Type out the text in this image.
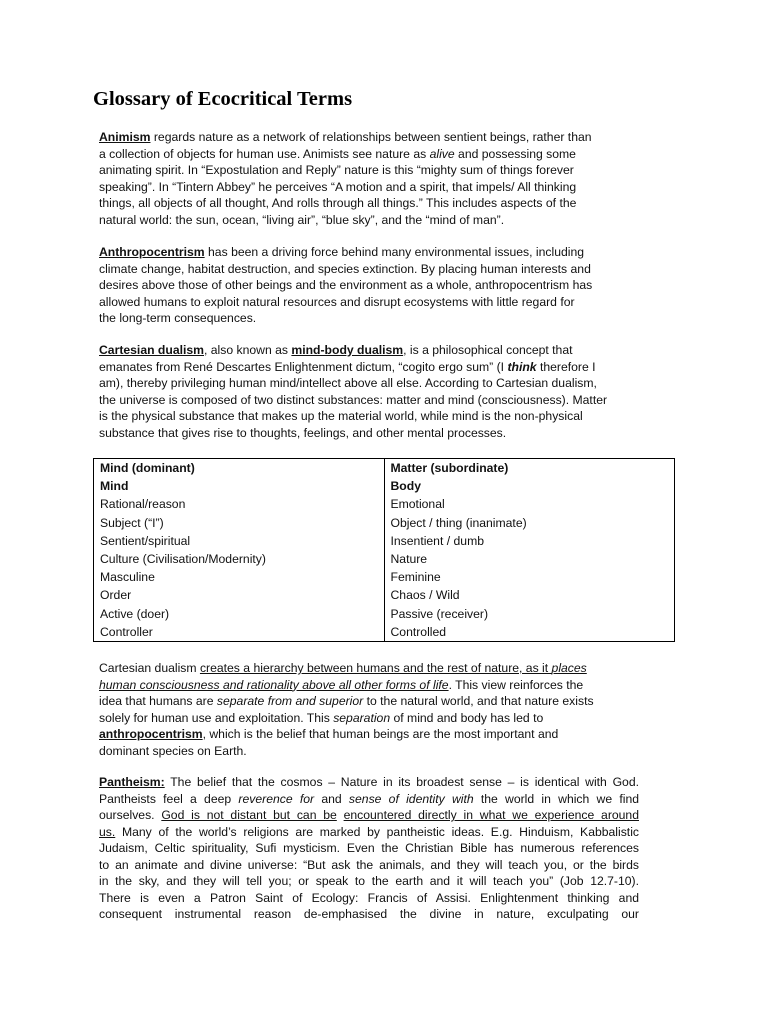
Glossary of Ecocritical Terms
Animism regards nature as a network of relationships between sentient beings, rather than
a collection of objects for human use. Animists see nature as alive and possessing some
animating spirit. In “Expostulation and Reply” nature is this “mighty sum of things forever
speaking”. In “Tintern Abbey” he perceives “A motion and a spirit, that impels/ All thinking
things, all objects of all thought, And rolls through all things.” This includes aspects of the
natural world: the sun, ocean, “living air”, “blue sky”, and the “mind of man”.
Anthropocentrism has been a driving force behind many environmental issues, including
climate change, habitat destruction, and species extinction. By placing human interests and
desires above those of other beings and the environment as a whole, anthropocentrism has
allowed humans to exploit natural resources and disrupt ecosystems with little regard for
the long-term consequences.
Cartesian dualism, also known as mind-body dualism, is a philosophical concept that
emanates from René Descartes Enlightenment dictum, “cogito ergo sum” (I think therefore I
am), thereby privileging human mind/intellect above all else. According to Cartesian dualism,
the universe is composed of two distinct substances: matter and mind (consciousness). Matter
is the physical substance that makes up the material world, while mind is the non-physical
substance that gives rise to thoughts, feelings, and other mental processes.
Mind (dominant)	Matter (subordinate)
Mind	Body
Rational/reason	Emotional
Subject (“I”)	Object / thing (inanimate)
Sentient/spiritual	Insentient / dumb
Culture (Civilisation/Modernity)	Nature
Masculine	Feminine
Order	Chaos / Wild
Active (doer)	Passive (receiver)
Controller	Controlled
Cartesian dualism creates a hierarchy between humans and the rest of nature, as it places
human consciousness and rationality above all other forms of life. This view reinforces the
idea that humans are separate from and superior to the natural world, and that nature exists
solely for human use and exploitation. This separation of mind and body has led to
anthropocentrism, which is the belief that human beings are the most important and
dominant species on Earth.
Pantheism: The belief that the cosmos – Nature in its broadest sense – is identical with God.
Pantheists feel a deep reverence for and sense of identity with the world in which we find
ourselves. God is not distant but can be encountered directly in what we experience around
us. Many of the world’s religions are marked by pantheistic ideas. E.g. Hinduism, Kabbalistic
Judaism, Celtic spirituality, Sufi mysticism. Even the Christian Bible has numerous references
to an animate and divine universe: “But ask the animals, and they will teach you, or the birds
in the sky, and they will tell you; or speak to the earth and it will teach you” (Job 12.7-10).
There is even a Patron Saint of Ecology: Francis of Assisi. Enlightenment thinking and
consequent instrumental reason de-emphasised the divine in nature, exculpating our
